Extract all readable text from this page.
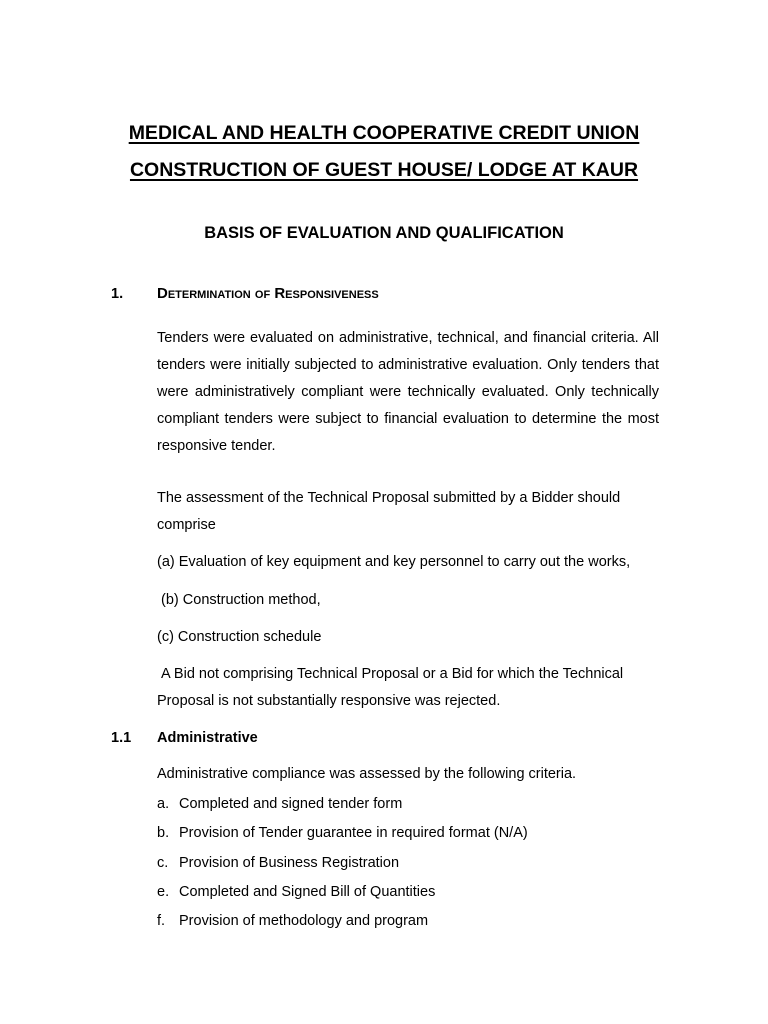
MEDICAL AND HEALTH COOPERATIVE CREDIT UNION
CONSTRUCTION OF GUEST HOUSE/ LODGE AT KAUR
BASIS OF EVALUATION AND QUALIFICATION
1. Determination of Responsiveness

Tenders were evaluated on administrative, technical, and financial criteria. All tenders were initially subjected to administrative evaluation. Only tenders that were administratively compliant were technically evaluated. Only technically compliant tenders were subject to financial evaluation to determine the most responsive tender.

The assessment of the Technical Proposal submitted by a Bidder should comprise

(a) Evaluation of key equipment and key personnel to carry out the works,

(b) Construction method,

(c) Construction schedule

A Bid not comprising Technical Proposal or a Bid for which the Technical Proposal is not substantially responsive was rejected.

1.1 Administrative

Administrative compliance was assessed by the following criteria.

a. Completed and signed tender form
b. Provision of Tender guarantee in required format (N/A)
c. Provision of Business Registration
e. Completed and Signed Bill of Quantities
f. Provision of methodology and program
